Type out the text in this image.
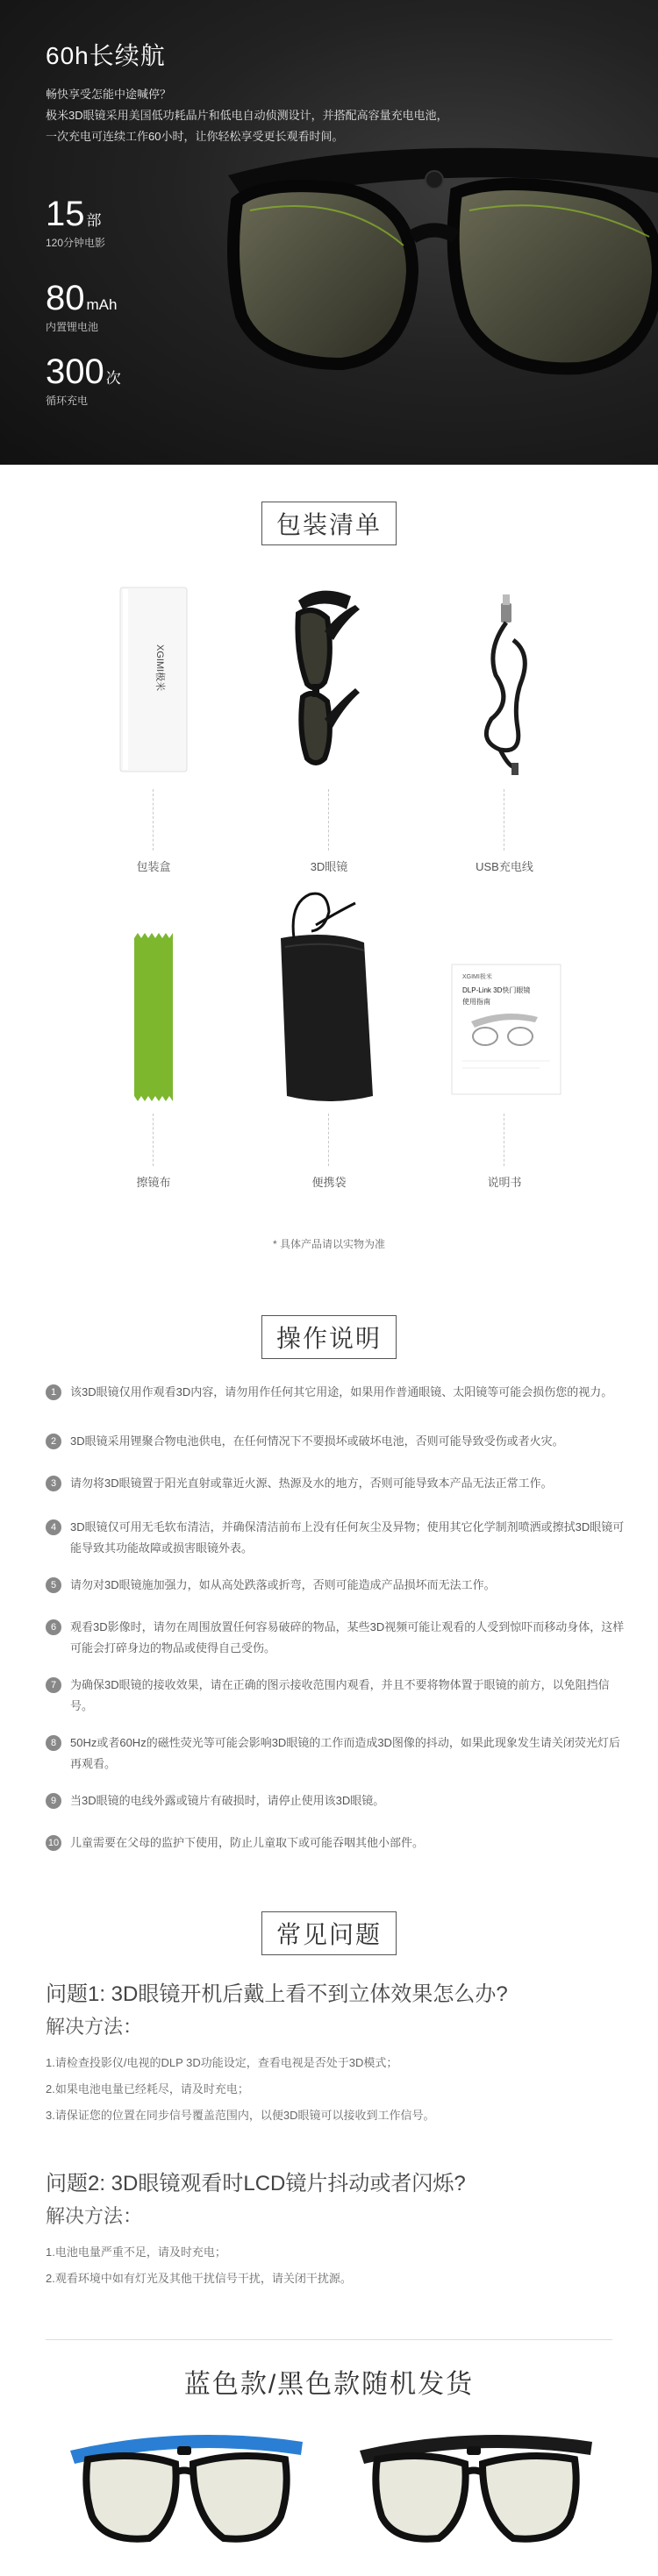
60h长续航
畅快享受怎能中途喊停？
极米3D眼镜采用美国低功耗晶片和低电自动侦测设计，并搭配高容量充电电池，
一次充电可连续工作60小时，让你轻松享受更长观看时间。
15 部
120分钟电影
80 mAh
内置锂电池
300 次
循环充电
包装清单
XGIMI极米
包装盒	3D眼镜	USB充电线
擦镜布	便携袋
XGIMI极米
DLP-Link 3D快门眼镜
使用指南
说明书
* 具体产品请以实物为准
操作说明
1	该3D眼镜仅用作观看3D内容，请勿用作任何其它用途，如果用作普通眼镜、太阳镜等可能会损伤您的视力。
2	3D眼镜采用锂聚合物电池供电，在任何情况下不要损坏或破坏电池，否则可能导致受伤或者火灾。
3	请勿将3D眼镜置于阳光直射或靠近火源、热源及水的地方，否则可能导致本产品无法正常工作。
4	3D眼镜仅可用无毛软布清洁，并确保清洁前布上没有任何灰尘及异物；使用其它化学制剂喷洒或擦拭3D眼镜可能导致其功能故障或损害眼镜外表。
5	请勿对3D眼镜施加强力，如从高处跌落或折弯，否则可能造成产品损坏而无法工作。
6	观看3D影像时，请勿在周围放置任何容易破碎的物品，某些3D视频可能让观看的人受到惊吓而移动身体，这样可能会打碎身边的物品或使得自己受伤。
7	为确保3D眼镜的接收效果，请在正确的图示接收范围内观看，并且不要将物体置于眼镜的前方，以免阻挡信号。
8	50Hz或者60Hz的磁性荧光等可能会影响3D眼镜的工作而造成3D图像的抖动，如果此现象发生请关闭荧光灯后再观看。
9	当3D眼镜的电线外露或镜片有破损时，请停止使用该3D眼镜。
10 儿童需要在父母的监护下使用，防止儿童取下或可能吞咽其他小部件。
常见问题
问题1: 3D眼镜开机后戴上看不到立体效果怎么办?
解决方法：
1.请检查投影仪/电视的DLP 3D功能设定，查看电视是否处于3D模式；
2.如果电池电量已经耗尽，请及时充电；
3.请保证您的位置在同步信号覆盖范围内，以便3D眼镜可以接收到工作信号。
问题2: 3D眼镜观看时LCD镜片抖动或者闪烁?
解决方法：
1.电池电量严重不足，请及时充电；
2.观看环境中如有灯光及其他干扰信号干扰，请关闭干扰源。
蓝色款/黑色款随机发货
